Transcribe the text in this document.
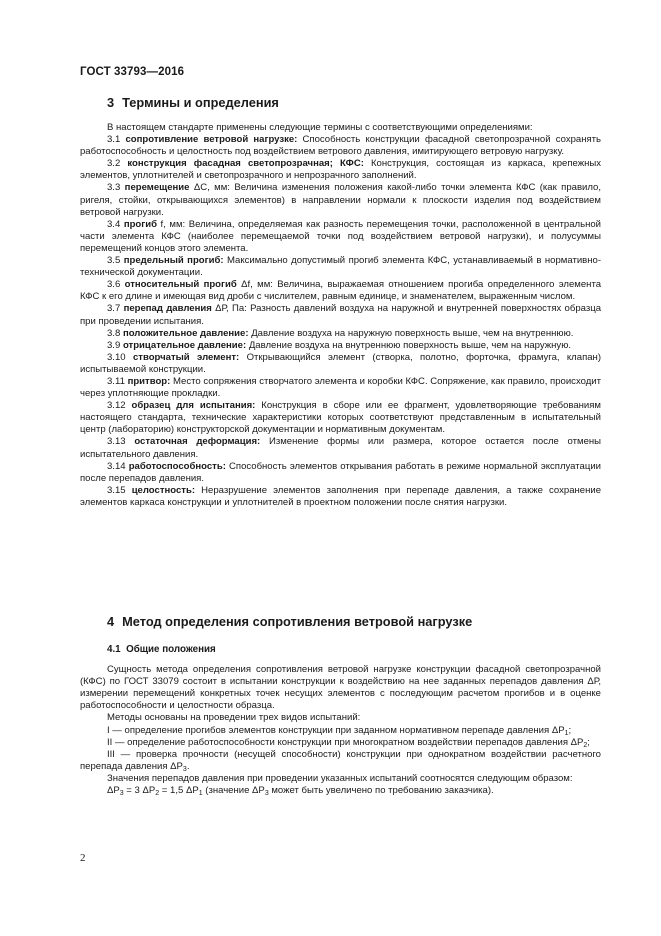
ГОСТ 33793—2016
3 Термины и определения

В настоящем стандарте применены следующие термины с соответствующими определениями:

3.1 сопротивление ветровой нагрузке: Способность конструкции фасадной светопрозрачной сохранять работоспособность и целостность под воздействием ветрового давления, имитирующего ветровую нагрузку.

3.2 конструкция фасадная светопрозрачная; КФС: Конструкция, состоящая из каркаса, крепежных элементов, уплотнителей и светопрозрачного и непрозрачного заполнений.

3.3 перемещение ΔС, мм: Величина изменения положения какой-либо точки элемента КФС (как правило, ригеля, стойки, открывающихся элементов) в направлении нормали к плоскости изделия под воздействием ветровой нагрузки.

3.4 прогиб f, мм: Величина, определяемая как разность перемещения точки, расположенной в центральной части элемента КФС (наиболее перемещаемой точки под воздействием ветровой нагрузки), и полусуммы перемещений концов этого элемента.

3.5 предельный прогиб: Максимально допустимый прогиб элемента КФС, устанавливаемый в нормативно-технической документации.

3.6 относительный прогиб Δf, мм: Величина, выражаемая отношением прогиба определенного элемента КФС к его длине и имеющая вид дроби с числителем, равным единице, и знаменателем, выраженным числом.

3.7 перепад давления ΔР, Па: Разность давлений воздуха на наружной и внутренней поверхностях образца при проведении испытания.

3.8 положительное давление: Давление воздуха на наружную поверхность выше, чем на внутреннюю.

3.9 отрицательное давление: Давление воздуха на внутреннюю поверхность выше, чем на наружную.

3.10 створчатый элемент: Открывающийся элемент (створка, полотно, форточка, фрамуга, клапан) испытываемой конструкции.

3.11 притвор: Место сопряжения створчатого элемента и коробки КФС. Сопряжение, как правило, происходит через уплотняющие прокладки.

3.12 образец для испытания: Конструкция в сборе или ее фрагмент, удовлетворяющие требованиям настоящего стандарта, технические характеристики которых соответствуют представленным в испытательный центр (лабораторию) конструкторской документации и нормативным документам.

3.13 остаточная деформация: Изменение формы или размера, которое остается после отмены испытательного давления.

3.14 работоспособность: Способность элементов открывания работать в режиме нормальной эксплуатации после перепадов давления.

3.15 целостность: Неразрушение элементов заполнения при перепаде давления, а также сохранение элементов каркаса конструкции и уплотнителей в проектном положении после снятия нагрузки.

4 Метод определения сопротивления ветровой нагрузке

4.1 Общие положения

Сущность метода определения сопротивления ветровой нагрузке конструкции фасадной светопрозрачной (КФС) по ГОСТ 33079 состоит в испытании конструкции к воздействию на нее заданных перепадов давления ΔР, измерении перемещений конкретных точек несущих элементов с последующим расчетом прогибов и в оценке работоспособности и целостности образца.

Методы основаны на проведении трех видов испытаний:

I — определение прогибов элементов конструкции при заданном нормативном перепаде давления $\Delta Р_1$;

II — определение работоспособности конструкции при многократном воздействии перепадов давления $\Delta Р_2$;

III — проверка прочности (несущей способности) конструкции при однократном воздействии расчетного перепада давления $\Delta Р_3$.

Значения перепадов давления при проведении указанных испытаний соотносятся следующим образом:

$\Delta Р_3 = 3$ $\Delta Р_2 = 1,5$ $\Delta Р_1$ (значение $\Delta Р_3$ может быть увеличено по требованию заказчика).

2
